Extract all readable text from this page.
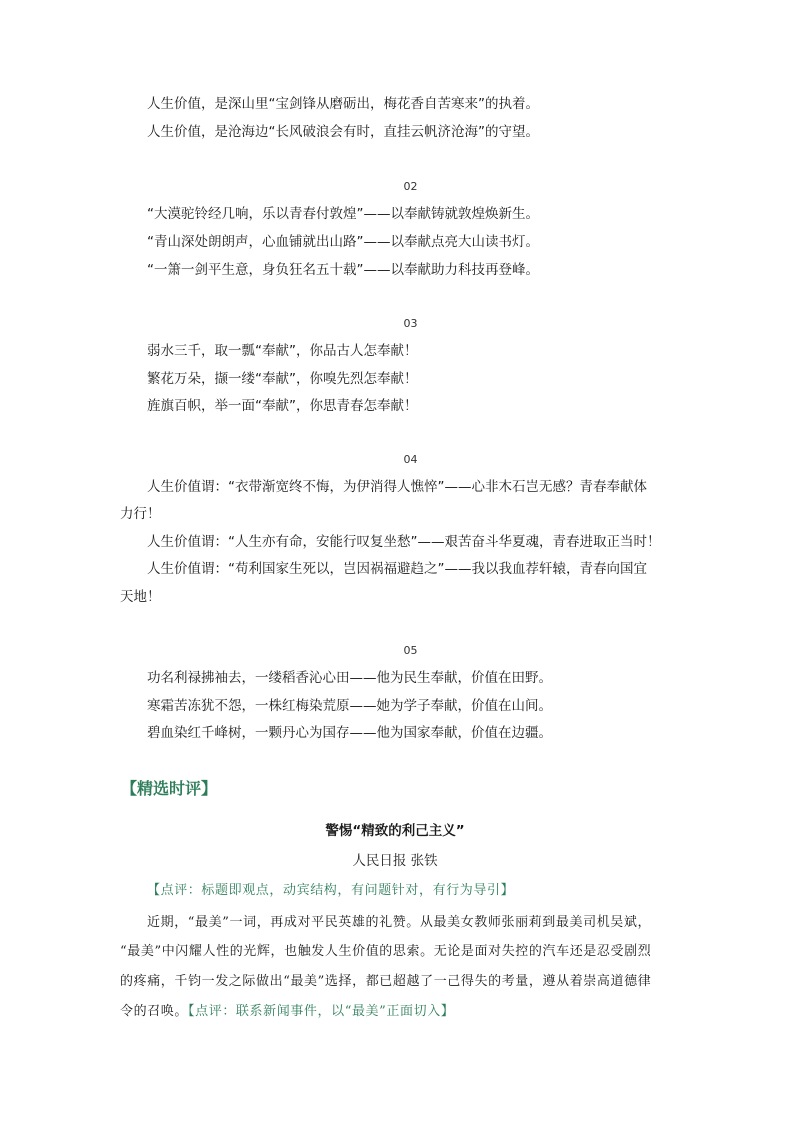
人生价值，是深山里“宝剑锋从磨砺出，梅花香自苦寒来”的执着。
人生价值，是沧海边“长风破浪会有时，直挂云帆济沧海”的守望。
02
“大漠驼铃经几响，乐以青春付敦煌”——以奉献铸就敦煌焕新生。
“青山深处朗朗声，心血铺就出山路”——以奉献点亮大山读书灯。
“一箫一剑平生意，身负狂名五十载”——以奉献助力科技再登峰。
03
弱水三千，取一瓢“奉献”，你品古人怎奉献！
繁花万朵，撷一缕“奉献”，你嗅先烈怎奉献！
旌旗百帜，举一面“奉献”，你思青春怎奉献！
04
人生价值谓：“衣带渐宽终不悔，为伊消得人憔悴”——心非木石岂无感？青春奉献体
力行！
人生价值谓：“人生亦有命，安能行叹复坐愁”——艰苦奋斗华夏魂，青春进取正当时！
人生价值谓：“苟利国家生死以，岂因祸福避趋之”——我以我血荐轩辕，青春向国宜
天地！
05
功名利禄拂袖去，一缕稻香沁心田——他为民生奉献，价值在田野。
寒霜苦冻犹不怨，一株红梅染荒原——她为学子奉献，价值在山间。
碧血染红千峰树，一颗丹心为国存——他为国家奉献，价值在边疆。
【精选时评】
警惕“精致的利己主义”
人民日报 张铁
【点评：标题即观点，动宾结构，有问题针对，有行为导引】
近期，“最美”一词，再成对平民英雄的礼赞。从最美女教师张丽莉到最美司机吴斌，
“最美”中闪耀人性的光辉，也触发人生价值的思索。无论是面对失控的汽车还是忍受剧烈
的疼痛，千钧一发之际做出“最美”选择，都已超越了一己得失的考量，遵从着崇高道德律
令的召唤。【点评：联系新闻事件，以“最美”正面切入】
